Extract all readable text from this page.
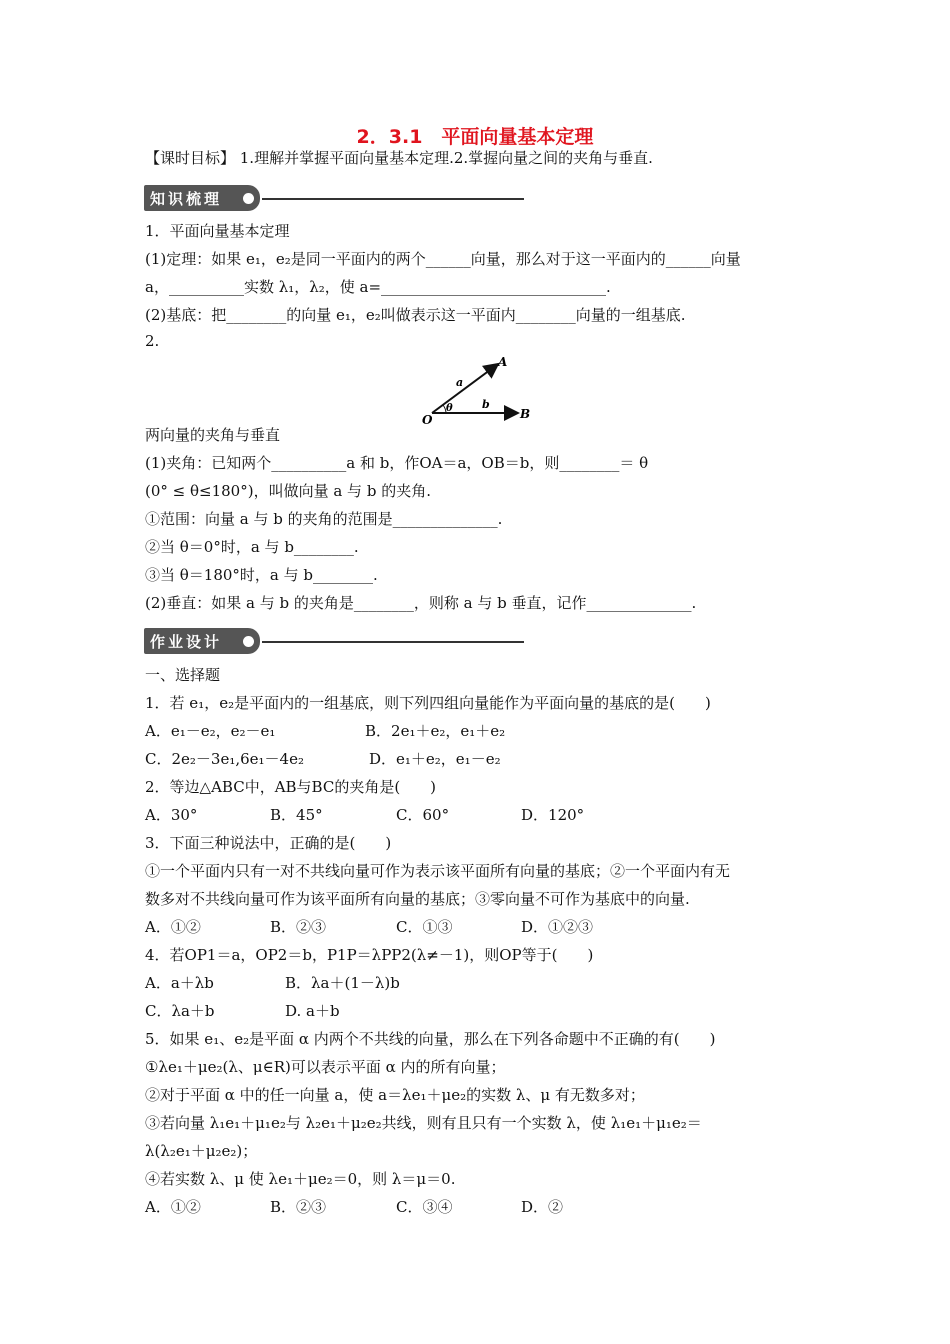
2．3.1　平面向量基本定理
【课时目标】 1.理解并掌握平面向量基本定理.2.掌握向量之间的夹角与垂直.
知识梳理
1．平面向量基本定理
(1)定理：如果 e₁，e₂是同一平面内的两个______向量，那么对于这一平面内的______向量
a，__________实数 λ₁，λ₂，使 a=______________________________.
(2)基底：把________的向量 e₁，e₂叫做表示这一平面内________向量的一组基底.
2.
A
a
O
θ	b
B
两向量的夹角与垂直
(1)夹角：已知两个__________a 和 b，作OA＝a，OB＝b，则________＝ θ
(0° ≤ θ≤180°)，叫做向量 a 与 b 的夹角.
①范围：向量 a 与 b 的夹角的范围是______________.
②当 θ＝0°时，a 与 b________.
③当 θ＝180°时，a 与 b________.
(2)垂直：如果 a 与 b 的夹角是________，则称 a 与 b 垂直，记作______________.
作业设计
一、选择题
1．若 e₁，e₂是平面内的一组基底，则下列四组向量能作为平面向量的基底的是(　　)
A．e₁－e₂，e₂－e₁	B．2e₁＋e₂，e₁＋e₂
C．2e₂－3e₁,6e₁－4e₂	D．e₁＋e₂，e₁－e₂
2．等边△ABC中，AB与BC的夹角是(　　)
A．30°	B．45°	C．60°	D．120°
3．下面三种说法中，正确的是(　　)
①一个平面内只有一对不共线向量可作为表示该平面所有向量的基底；②一个平面内有无
数多对不共线向量可作为该平面所有向量的基底；③零向量不可作为基底中的向量.
A．①②	B．②③	C．①③	D．①②③
4．若OP1＝a，OP2＝b，P1P＝λPP2(λ≠－1)，则OP等于(　　)
A．a＋λb	B．λa＋(1－λ)b
C．λa＋b	D. a＋b
5．如果 e₁、e₂是平面 α 内两个不共线的向量，那么在下列各命题中不正确的有(　　)
①λe₁＋μe₂(λ、μ∈R)可以表示平面 α 内的所有向量；
②对于平面 α 中的任一向量 a，使 a＝λe₁＋μe₂的实数 λ、μ 有无数多对；
③若向量 λ₁e₁＋μ₁e₂与 λ₂e₁＋μ₂e₂共线，则有且只有一个实数 λ，使 λ₁e₁＋μ₁e₂＝
λ(λ₂e₁＋μ₂e₂)；
④若实数 λ、μ 使 λe₁＋μe₂＝0，则 λ＝μ＝0.
A．①②	B．②③	C．③④	D．②
